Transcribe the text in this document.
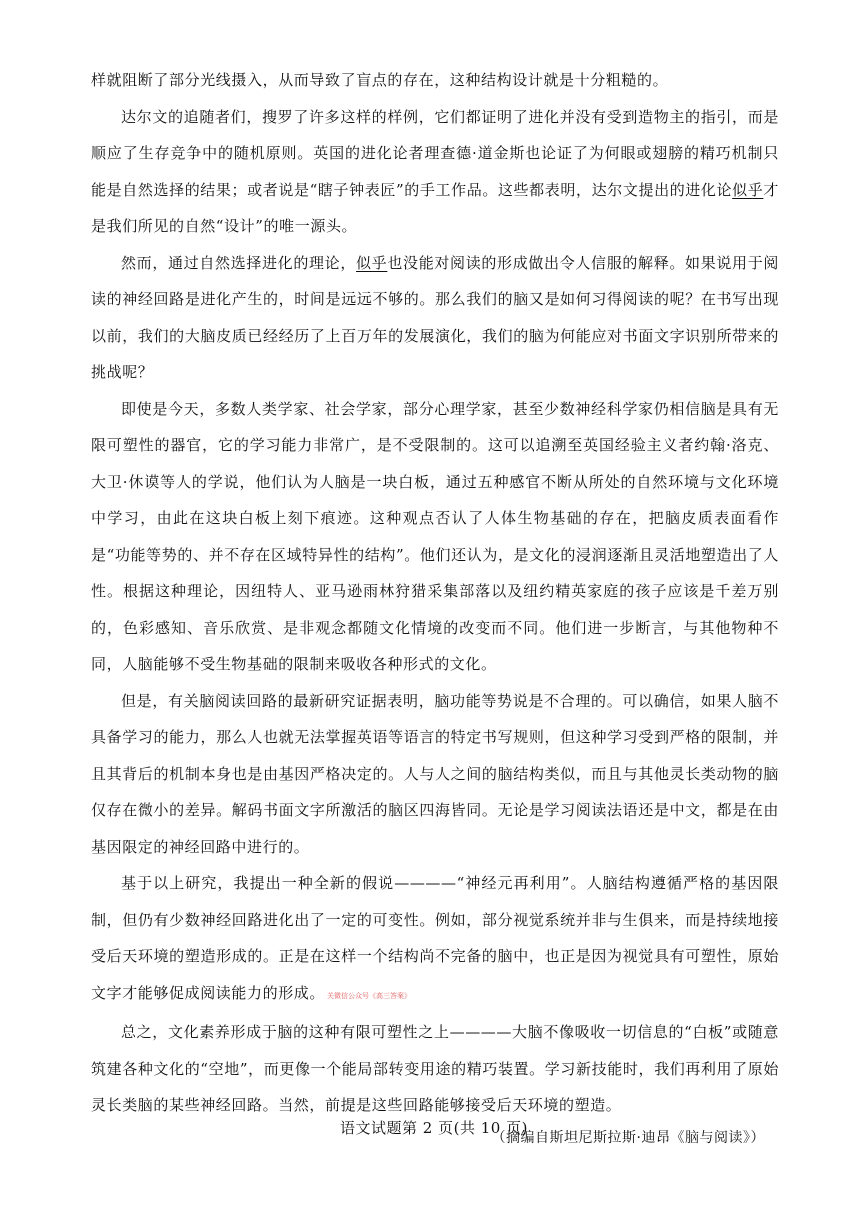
样就阻断了部分光线摄入，从而导致了盲点的存在，这种结构设计就是十分粗糙的。

达尔文的追随者们，搜罗了许多这样的样例，它们都证明了进化并没有受到造物主的指引，而是顺应了生存竞争中的随机原则。英国的进化论者理查德·道金斯也论证了为何眼或翅膀的精巧机制只能是自然选择的结果；或者说是“瞎子钟表匠”的手工作品。这些都表明，达尔文提出的进化论似乎才是我们所见的自然“设计”的唯一源头。

然而，通过自然选择进化的理论，似乎也没能对阅读的形成做出令人信服的解释。如果说用于阅读的神经回路是进化产生的，时间是远远不够的。那么我们的脑又是如何习得阅读的呢？在书写出现以前，我们的大脑皮质已经经历了上百万年的发展演化，我们的脑为何能应对书面文字识别所带来的挑战呢？

即使是今天，多数人类学家、社会学家，部分心理学家，甚至少数神经科学家仍相信脑是具有无限可塑性的器官，它的学习能力非常广，是不受限制的。这可以追溯至英国经验主义者约翰·洛克、大卫·休谟等人的学说，他们认为人脑是一块白板，通过五种感官不断从所处的自然环境与文化环境中学习，由此在这块白板上刻下痕迹。这种观点否认了人体生物基础的存在，把脑皮质表面看作是“功能等势的、并不存在区域特异性的结构”。他们还认为，是文化的浸润逐渐且灵活地塑造出了人性。根据这种理论，因纽特人、亚马逊雨林狩猎采集部落以及纽约精英家庭的孩子应该是千差万别的，色彩感知、音乐欣赏、是非观念都随文化情境的改变而不同。他们进一步断言，与其他物种不同，人脑能够不受生物基础的限制来吸收各种形式的文化。

但是，有关脑阅读回路的最新研究证据表明，脑功能等势说是不合理的。可以确信，如果人脑不具备学习的能力，那么人也就无法掌握英语等语言的特定书写规则，但这种学习受到严格的限制，并且其背后的机制本身也是由基因严格决定的。人与人之间的脑结构类似，而且与其他灵长类动物的脑仅存在微小的差异。解码书面文字所激活的脑区四海皆同。无论是学习阅读法语还是中文，都是在由基因限定的神经回路中进行的。

基于以上研究，我提出一种全新的假说————“神经元再利用”。人脑结构遵循严格的基因限制，但仍有少数神经回路进化出了一定的可变性。例如，部分视觉系统并非与生俱来，而是持续地接受后天环境的塑造形成的。正是在这样一个结构尚不完备的脑中，也正是因为视觉具有可塑性，原始文字才能够促成阅读能力的形成。 关微信公众号《高三答案》

总之，文化素养形成于脑的这种有限可塑性之上————大脑不像吸收一切信息的“白板”或随意筑建各种文化的“空地”，而更像一个能局部转变用途的精巧装置。学习新技能时，我们再利用了原始灵长类脑的某些神经回路。当然，前提是这些回路能够接受后天环境的塑造。

（摘编自斯坦尼斯拉斯·迪昂《脑与阅读》）

语文试题第 2 页(共 10 页)
